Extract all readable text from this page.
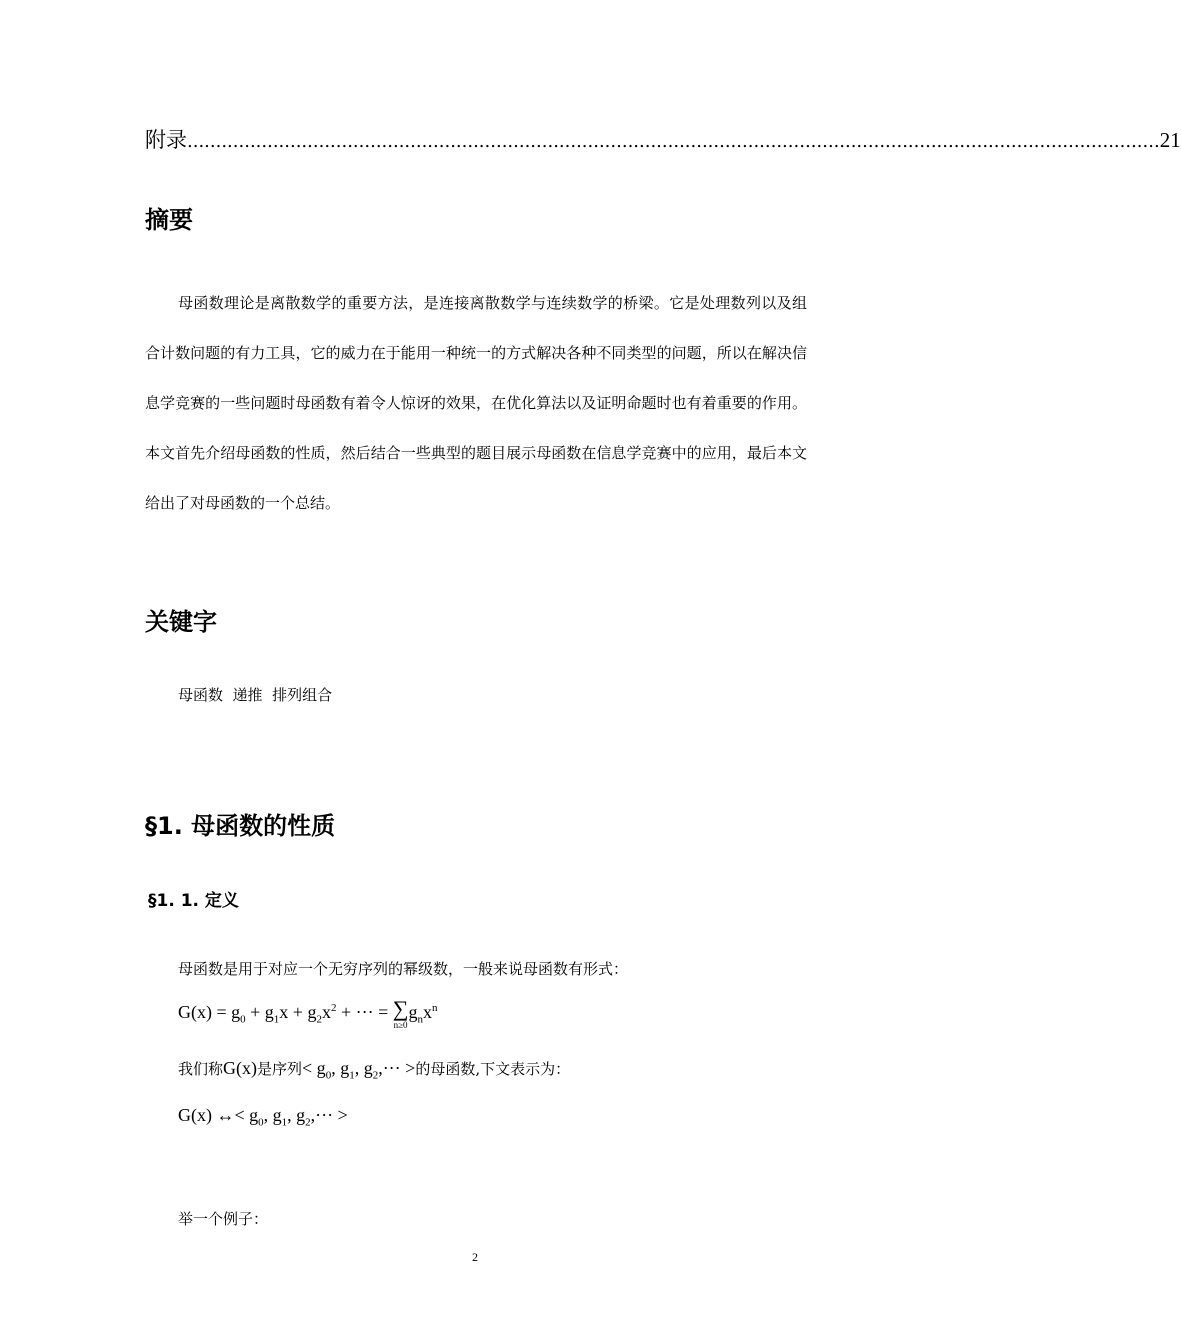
附录 .......................................................................................................................................................................... 21
摘要

母函数理论是离散数学的重要方法，是连接离散数学与连续数学的桥梁。它是处理数列以及组合计数问题的有力工具，它的威力在于能用一种统一的方式解决各种不同类型的问题，所以在解决信息学竞赛的一些问题时母函数有着令人惊讶的效果，在优化算法以及证明命题时也有着重要的作用。本文首先介绍母函数的性质，然后结合一些典型的题目展示母函数在信息学竞赛中的应用，最后本文给出了对母函数的一个总结。

关键字

母函数  递推  排列组合

§1. 母函数的性质
§1. 1. 定义

母函数是用于对应一个无穷序列的幂级数，一般来说母函数有形式：

$G(x) = g_0 + g_1x + g_2x^2$ + ··· = ∑
n≥0
$g_nx^n$

我们称G(x)是序列< $g_0$, $g_1$, $g_2,\cdot\cdot\cdot$ >的母函数,下文表示为：

G(x) ↔< $g_0$, $g_1$, $g_2,\cdot\cdot\cdot$ >

举一个例子：

2
